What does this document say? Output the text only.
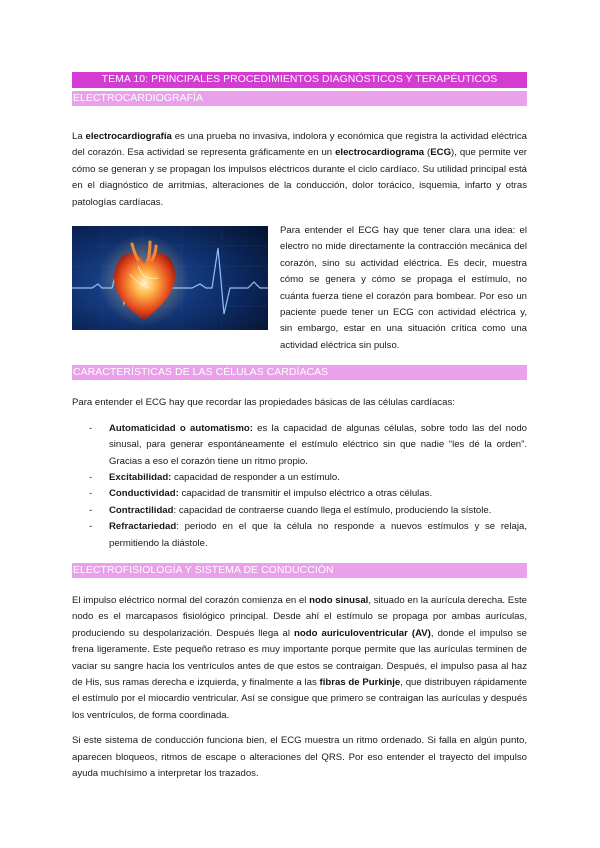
TEMA 10: PRINCIPALES PROCEDIMIENTOS DIAGNÓSTICOS Y TERAPÉUTICOS
ELECTROCARDIOGRAFÍA

La electrocardiografía es una prueba no invasiva, indolora y económica que registra la actividad eléctrica del corazón. Esa actividad se representa gráficamente en un electrocardiograma (ECG), que permite ver cómo se generan y se propagan los impulsos eléctricos durante el ciclo cardíaco. Su utilidad principal está en el diagnóstico de arritmias, alteraciones de la conducción, dolor torácico, isquemia, infarto y otras patologías cardíacas.

Para entender el ECG hay que tener clara una idea: el electro no mide directamente la contracción mecánica del corazón, sino su actividad eléctrica. Es decir, muestra cómo se genera y cómo se propaga el estímulo, no cuánta fuerza tiene el corazón para bombear. Por eso un paciente puede tener un ECG con actividad eléctrica y, sin embargo, estar en una situación crítica como una actividad eléctrica sin pulso.

CARACTERÍSTICAS DE LAS CÉLULAS CARDÍACAS

Para entender el ECG hay que recordar las propiedades básicas de las células cardíacas:

- Automaticidad o automatismo: es la capacidad de algunas células, sobre todo las del nodo sinusal, para generar espontáneamente el estímulo eléctrico sin que nadie “les dé la orden”. Gracias a eso el corazón tiene un ritmo propio.
- Excitabilidad: capacidad de responder a un estímulo.
- Conductividad: capacidad de transmitir el impulso eléctrico a otras células.
- Contractilidad: capacidad de contraerse cuando llega el estímulo, produciendo la sístole.
- Refractariedad: periodo en el que la célula no responde a nuevos estímulos y se relaja, permitiendo la diástole.
ELECTROFISIOLOGÍA Y SISTEMA DE CONDUCCIÓN

El impulso eléctrico normal del corazón comienza en el nodo sinusal, situado en la aurícula derecha. Este nodo es el marcapasos fisiológico principal. Desde ahí el estímulo se propaga por ambas aurículas, produciendo su despolarización. Después llega al nodo auriculoventricular (AV), donde el impulso se frena ligeramente. Este pequeño retraso es muy importante porque permite que las aurículas terminen de vaciar su sangre hacia los ventrículos antes de que estos se contraigan. Después, el impulso pasa al haz de His, sus ramas derecha e izquierda, y finalmente a las fibras de Purkinje, que distribuyen rápidamente el estímulo por el miocardio ventricular. Así se consigue que primero se contraigan las aurículas y después los ventrículos, de forma coordinada.

Si este sistema de conducción funciona bien, el ECG muestra un ritmo ordenado. Si falla en algún punto, aparecen bloqueos, ritmos de escape o alteraciones del QRS. Por eso entender el trayecto del impulso ayuda muchísimo a interpretar los trazados.
